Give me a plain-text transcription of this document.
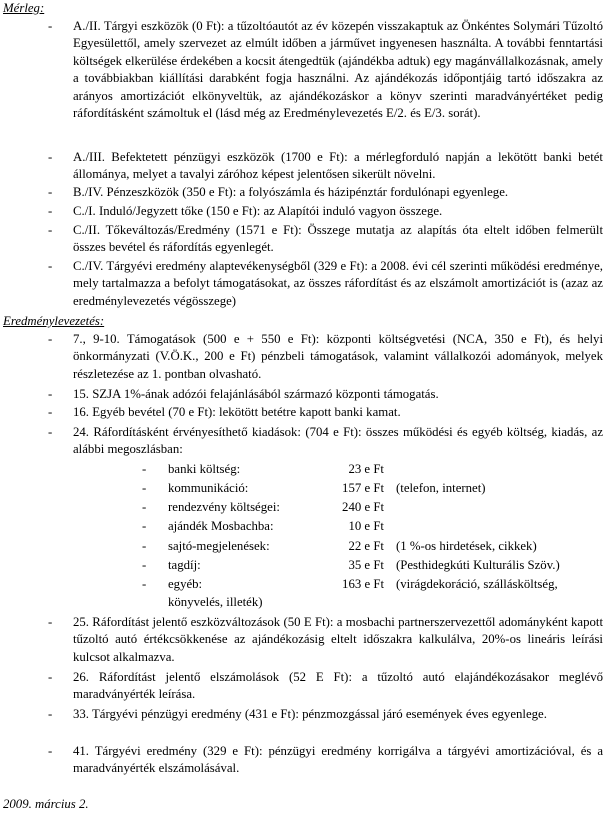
Mérleg:
- A./II. Tárgyi eszközök (0 Ft): a tűzoltóautót az év közepén visszakaptuk az Önkéntes Solymári Tűzoltó Egyesülettől, amely szervezet az elmúlt időben a járművet ingyenesen használta. A további fenntartási költségek elkerülése érdekében a kocsit átengedtük (ajándékba adtuk) egy magánvállalkozásnak, amely a továbbiakban kiállítási darabként fogja használni. Az ajándékozás időpontjáig tartó időszakra az arányos amortizációt elkönyveltük, az ajándékozáskor a könyv szerinti maradványértéket pedig ráfordításként számoltuk el (lásd még az Eredménylevezetés E/2. és E/3. sorát).
- A./III. Befektetett pénzügyi eszközök (1700 e Ft): a mérlegforduló napján a lekötött banki betét állománya, melyet a tavalyi záróhoz képest jelentősen sikerült növelni.
- B./IV. Pénzeszközök (350 e Ft): a folyószámla és házipénztár fordulónapi egyenlege.
- C./I. Induló/Jegyzett tőke (150 e Ft): az Alapítói induló vagyon összege.
- C./II. Tőkeváltozás/Eredmény (1571 e Ft): Összege mutatja az alapítás óta eltelt időben felmerült összes bevétel és ráfordítás egyenlegét.
- C./IV. Tárgyévi eredmény alaptevékenységből (329 e Ft): a 2008. évi cél szerinti működési eredménye, mely tartalmazza a befolyt támogatásokat, az összes ráfordítást és az elszámolt amortizációt is (azaz az eredménylevezetés végösszege)
Eredménylevezetés:
- 7., 9-10. Támogatások (500 e + 550 e Ft): központi költségvetési (NCA, 350 e Ft), és helyi önkormányzati (V.Ö.K., 200 e Ft) pénzbeli támogatások, valamint vállalkozói adományok, melyek részletezése az 1. pontban olvasható.
- 15. SZJA 1%-ának adózói felajánlásából származó központi támogatás.
- 16. Egyéb bevétel (70 e Ft): lekötött betétre kapott banki kamat.
- 24. Ráfordításként érvényesíthető kiadások: (704 e Ft): összes működési és egyéb költség, kiadás, az alábbi megoszlásban:
- banki költség:	23 e Ft
- kommunikáció:	157 e Ft (telefon, internet)
- rendezvény költségei:	240 e Ft
- ajándék Mosbachba:	10 e Ft
- sajtó-megjelenések:	22 e Ft (1 %-os hirdetések, cikkek)
- tagdíj:	35 e Ft (Pesthidegkúti Kulturális Szöv.)
- egyéb:	163 e Ft (virágdekoráció, szállásköltség,
könyvelés, illeték)
- 25. Ráfordítást jelentő eszközváltozások (50 E Ft): a mosbachi partnerszervezettől adományként kapott tűzoltó autó értékcsökkenése az ajándékozásig eltelt időszakra kalkulálva, 20%-os lineáris leírási kulcsot alkalmazva.
- 26. Ráfordítást jelentő elszámolások (52 E Ft): a tűzoltó autó elajándékozásakor meglévő maradványérték leírása.
- 33. Tárgyévi pénzügyi eredmény (431 e Ft): pénzmozgással járó események éves egyenlege.
- 41. Tárgyévi eredmény (329 e Ft): pénzügyi eredmény korrigálva a tárgyévi amortizációval, és a maradványérték elszámolásával.
2009. március 2.
